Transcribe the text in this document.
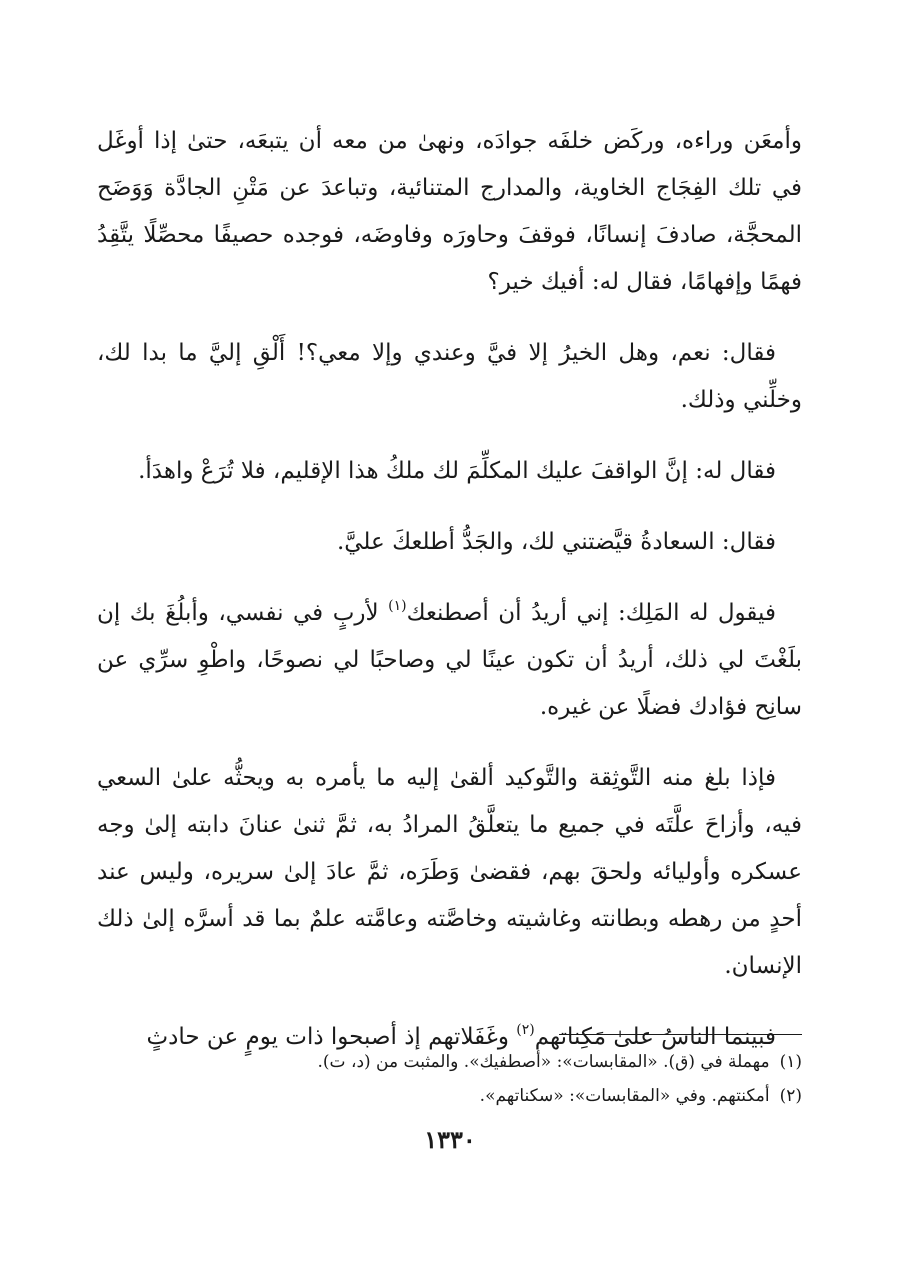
وأمعَن وراءه، وركَض خلفَه جوادَه، ونهىٰ من معه أن يتبعَه، حتىٰ إذا أوغَل في تلك الفِجَاج الخاوية، والمدارج المتنائية، وتباعدَ عن مَتْنِ الجادَّة وَوَضَح المحجَّة، صادفَ إنسانًا، فوقفَ وحاورَه وفاوضَه، فوجده حصيفًا محصِّلًا يتَّقِدُ فهمًا وإفهامًا، فقال له: أفيك خير؟

فقال: نعم، وهل الخيرُ إلا فيَّ وعندي وإلا معي؟! أَلْقِ إليَّ ما بدا لك، وخلِّني وذلك.

فقال له: إنَّ الواقفَ عليك المكلِّمَ لك ملكُ هذا الإقليم، فلا تُرَعْ واهدَأ.

فقال: السعادةُ قيَّضتني لك، والجَدُّ أطلعكَ عليَّ.

فيقول له المَلِك: إني أريدُ أن أصطنعك$^{(١)}$ لأربٍ في نفسي، وأبلُغَ بك إن بلَغْتَ لي ذلك، أريدُ أن تكون عينًا لي وصاحبًا لي نصوحًا، واطْوِ سرِّي عن سانِح فؤادك فضلًا عن غيره.

فإذا بلغ منه التَّوثِقة والتَّوكيد ألقىٰ إليه ما يأمره به ويحثُّه علىٰ السعي فيه، وأزاحَ علَّتَه في جميع ما يتعلَّقُ المرادُ به، ثمَّ ثنىٰ عنانَ دابته إلىٰ وجه عسكره وأوليائه ولحقَ بهم، فقضىٰ وَطَرَه، ثمَّ عادَ إلىٰ سريره، وليس عند أحدٍ من رهطه وبطانته وغاشيته وخاصَّته وعامَّته علمٌ بما قد أسرَّه إلىٰ ذلك الإنسان.

فبينما الناسُ علىٰ مَكِناتهم$^{(٢)}$ وغَفَلاتهم إذ أصبحوا ذات يومٍ عن حادثٍ

(١)مهملة في (ق). «المقابسات»: «أصطفيك». والمثبت من (د، ت).

(٢)أمكنتهم. وفي «المقابسات»: «سكناتهم».

١٣٣٠
